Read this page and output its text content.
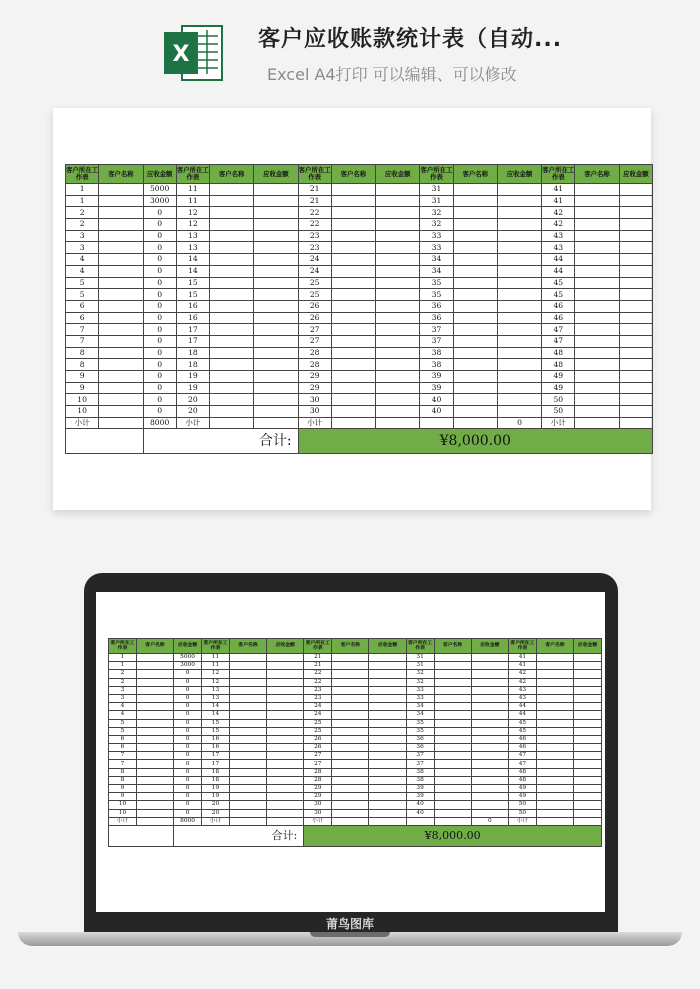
X
客户应收账款统计表（自动...
Excel A4打印 可以编辑、可以修改
客户所在工作表	客户名称	应收金额	客户所在工作表	客户名称	应收金额	客户所在工作表	客户名称	应收金额	客户所在工作表	客户名称	应收金额	客户所在工作表	客户名称	应收金额
1		5000	11			21			31			41		
1		3000	11			21			31			41		
2		0	12			22			32			42		
2		0	12			22			32			42		
3		0	13			23			33			43		
3		0	13			23			33			43		
4		0	14			24			34			44		
4		0	14			24			34			44		
5		0	15			25			35			45		
5		0	15			25			35			45		
6		0	16			26			36			46		
6		0	16			26			36			46		
7		0	17			27			37			47		
7		0	17			27			37			47		
8		0	18			28			38			48		
8		0	18			28			38			48		
9		0	19			29			39			49		
9		0	19			29			39			49		
10		0	20			30			40			50		
10		0	20			30			40			50		
小计		8000	小计			小计					0	小计		
		合计:				¥8,000.00								
客户所在工作表	客户名称	应收金额	客户所在工作表	客户名称	应收金额	客户所在工作表	客户名称	应收金额	客户所在工作表	客户名称	应收金额	客户所在工作表	客户名称	应收金额
1		5000	11			21			31			41		
1		3000	11			21			31			41		
2		0	12			22			32			42		
2		0	12			22			32			42		
3		0	13			23			33			43		
3		0	13			23			33			43		
4		0	14			24			34			44		
4		0	14			24			34			44		
5		0	15			25			35			45		
5		0	15			25			35			45		
6		0	16			26			36			46		
6		0	16			26			36			46		
7		0	17			27			37			47		
7		0	17			27			37			47		
8		0	18			28			38			48		
8		0	18			28			38			48		
9		0	19			29			39			49		
9		0	19			29			39			49		
10		0	20			30			40			50		
10		0	20			30			40			50		
小计		8000	小计			小计					0	小计		
		合计:				¥8,000.00								
莆鸟图库
